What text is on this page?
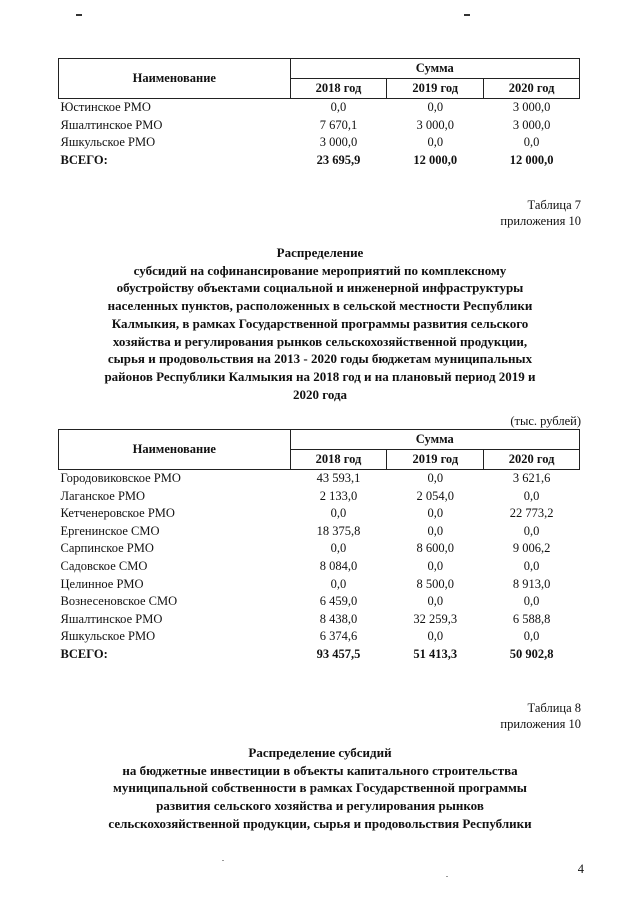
Наименование	Сумма		
	2018 год	2019 год	2020 год
Юстинское РМО	0,0	0,0	3 000,0
Яшалтинское РМО	7 670,1	3 000,0	3 000,0
Яшкульское РМО	3 000,0	0,0	0,0
ВСЕГО:	23 695,9	12 000,0	12 000,0
Таблица 7
приложения 10
Распределение
субсидий на софинансирование мероприятий по комплексному
обустройству объектами социальной и инженерной инфраструктуры
населенных пунктов, расположенных в сельской местности Республики
Калмыкия, в рамках Государственной программы развития сельского
хозяйства и регулирования рынков сельскохозяйственной продукции,
сырья и продовольствия на 2013 - 2020 годы бюджетам муниципальных
районов Республики Калмыкия на 2018 год и на плановый период 2019 и
2020 года
(тыс. рублей)
Наименование	Сумма		
	2018 год	2019 год	2020 год
Городовиковское РМО	43 593,1	0,0	3 621,6
Лаганское РМО	2 133,0	2 054,0	0,0
Кетченеровское РМО	0,0	0,0	22 773,2
Ергенинское СМО	18 375,8	0,0	0,0
Сарпинское РМО	0,0	8 600,0	9 006,2
Садовское СМО	8 084,0	0,0	0,0
Целинное РМО	0,0	8 500,0	8 913,0
Вознесеновское СМО	6 459,0	0,0	0,0
Яшалтинское РМО	8 438,0	32 259,3	6 588,8
Яшкульское РМО	6 374,6	0,0	0,0
ВСЕГО:	93 457,5	51 413,3	50 902,8
Таблица 8
приложения 10
Распределение субсидий
на бюджетные инвестиции в объекты капитального строительства
муниципальной собственности в рамках Государственной программы
развития сельского хозяйства и регулирования рынков
сельскохозяйственной продукции, сырья и продовольствия Республики
4
